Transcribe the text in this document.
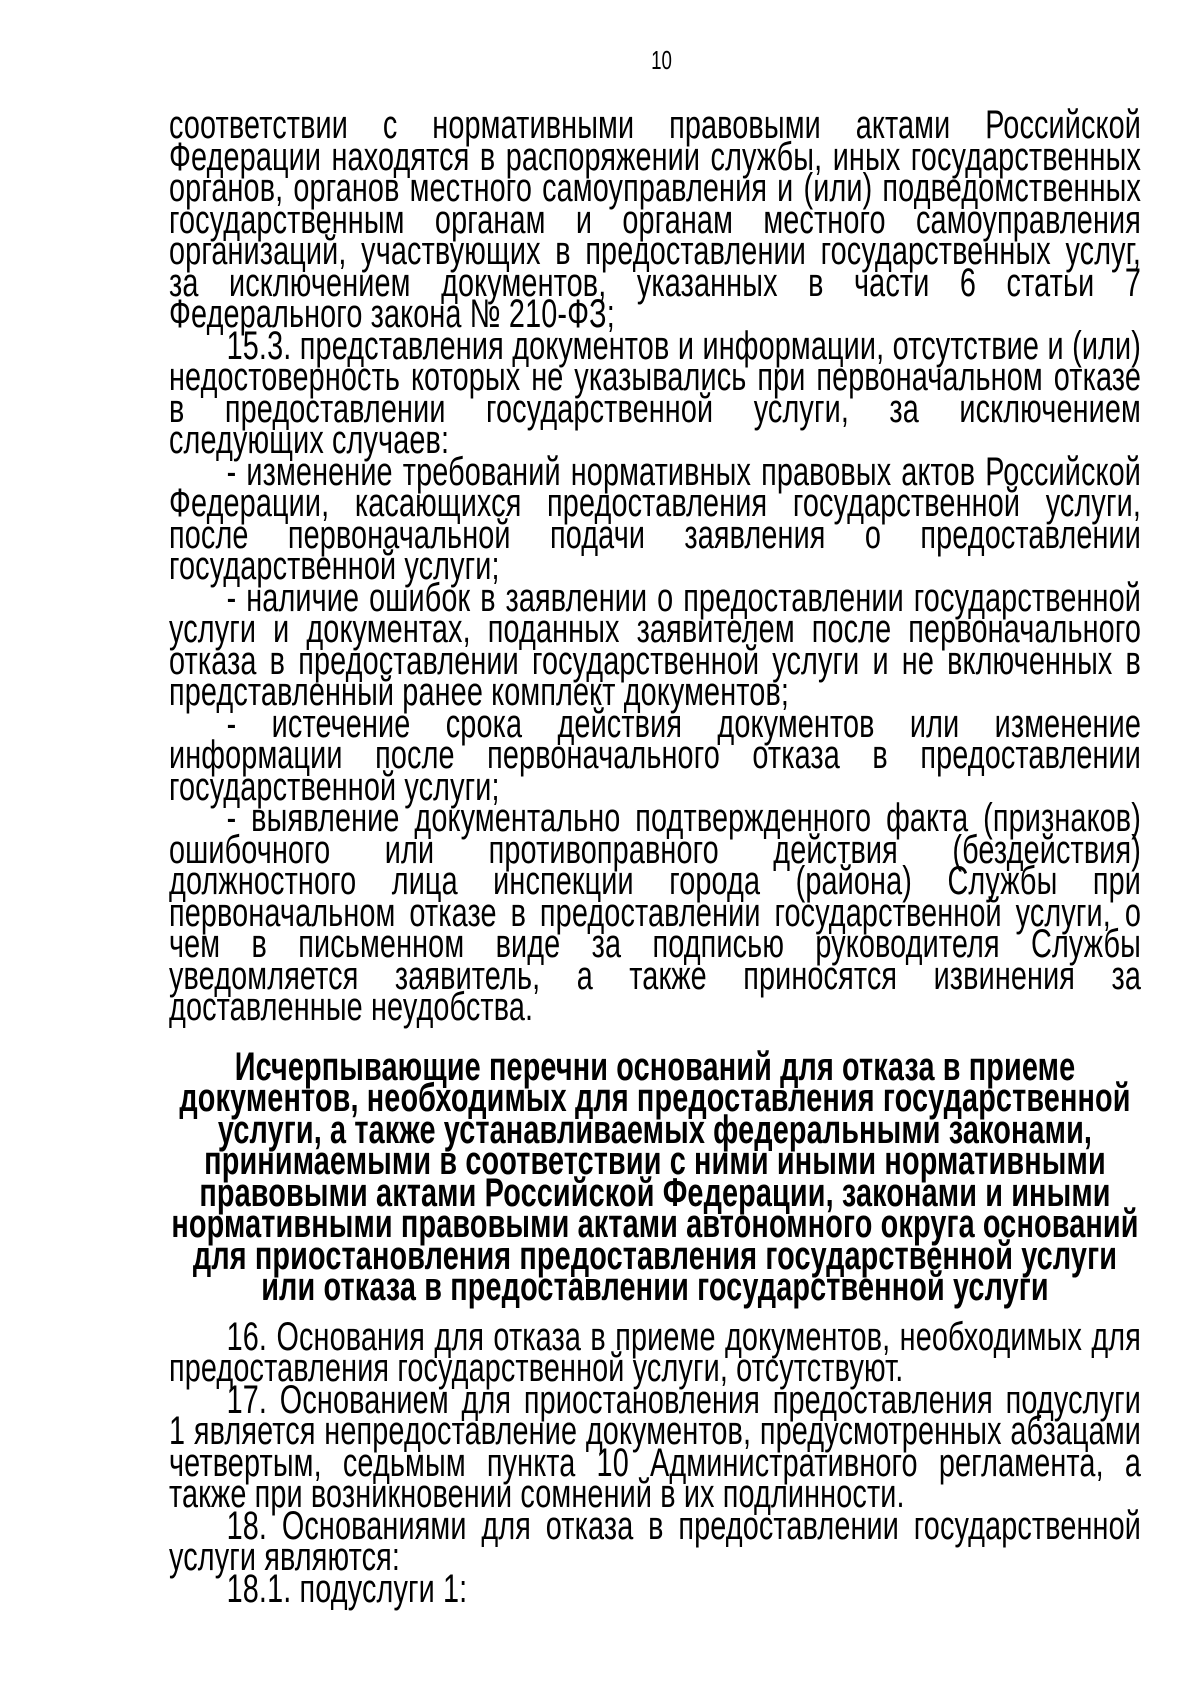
10

соответствии с нормативными правовыми актами Российской Федерации находятся в распоряжении службы, иных государственных органов, органов местного самоуправления и (или) подведомственных государственным органам и органам местного самоуправления организаций, участвующих в предоставлении государственных услуг, за исключением документов, указанных в части 6 статьи 7 Федерального закона № 210-ФЗ;

15.3. представления документов и информации, отсутствие и (или) недостоверность которых не указывались при первоначальном отказе в предоставлении государственной услуги, за исключением следующих случаев:

- изменение требований нормативных правовых актов Российской Федерации, касающихся предоставления государственной услуги, после первоначальной подачи заявления о предоставлении государственной услуги;

- наличие ошибок в заявлении о предоставлении государственной услуги и документах, поданных заявителем после первоначального отказа в предоставлении государственной услуги и не включенных в представленный ранее комплект документов;

- истечение срока действия документов или изменение информации после первоначального отказа в предоставлении государственной услуги;

- выявление документально подтвержденного факта (признаков) ошибочного или противоправного действия (бездействия) должностного лица инспекции города (района) Службы при первоначальном отказе в предоставлении государственной услуги, о чем в письменном виде за подписью руководителя Службы уведомляется заявитель, а также приносятся извинения за доставленные неудобства.

Исчерпывающие перечни оснований для отказа в приеме документов, необходимых для предоставления государственной услуги, а также устанавливаемых федеральными законами, принимаемыми в соответствии с ними иными нормативными правовыми актами Российской Федерации, законами и иными нормативными правовыми актами автономного округа оснований для приостановления предоставления государственной услуги или отказа в предоставлении государственной услуги

16. Основания для отказа в приеме документов, необходимых для предоставления государственной услуги, отсутствуют.

17. Основанием для приостановления предоставления подуслуги 1 является непредоставление документов, предусмотренных абзацами четвертым, седьмым пункта 10 Административного регламента, а также при возникновении сомнений в их подлинности.

18. Основаниями для отказа в предоставлении государственной услуги являются:

18.1. подуслуги 1:
